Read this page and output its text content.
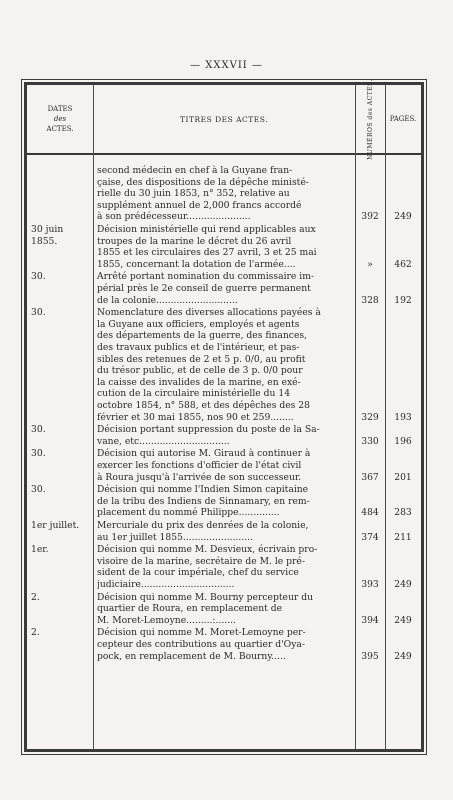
— XXXVII —
DATES
des
ACTES.
TITRES DES ACTES.	NUMÉROS des ACTES.	PAGES.
second médecin en chef à la Guyane fran-
çaise, des dispositions de la dépêche ministé-
rielle du 30 juin 1853, n° 352, relative au
supplément annuel de 2,000 francs accordé
à son prédécesseur......................	392	249
30 juin
1855.
Décision ministérielle qui rend applicables aux
troupes de la marine le décret du 26 avril
1855 et les circulaires des 27 avril, 3 et 25 mai
1855, concernant la dotation de l'armée....	»	462
30.	Arrêté portant nomination du commissaire im-
périal près le 2e conseil de guerre permanent
de la colonie............................	328	192
30.	Nomenclature des diverses allocations payées à
la Guyane aux officiers, employés et agents
des départements de la guerre, des finances,
des travaux publics et de l'intérieur, et pas-
sibles des retenues de 2 et 5 p. 0/0, au profit
du trésor public, et de celle de 3 p. 0/0 pour
la caisse des invalides de la marine, en exé-
cution de la circulaire ministérielle du 14
octobre 1854, n° 588, et des dépêches des 28
février et 30 mai 1855, nos 90 et 259........	329	193
30.	Décision portant suppression du poste de la Sa-
vane, etc...............................	330	196
30.	Décision qui autorise M. Giraud à continuer à
exercer les fonctions d'officier de l'état civil
à Roura jusqu'à l'arrivée de son successeur.	367	201
30.	Décision qui nomme l'Indien Simon capitaine
de la tribu des Indiens de Sinnamary, en rem-
placement du nommé Philippe..............	484	283
1er juillet.	Mercuriale du prix des denrées de la colonie,
au 1er juillet 1855........................	374	211
1er.	Décision qui nomme M. Desvieux, écrivain pro-
visoire de la marine, secrétaire de M. le pré-
sident de la cour impériale, chef du service
judiciaire................................	393	249
2.	Décision qui nomme M. Bourny percepteur du
quartier de Roura, en remplacement de
M. Moret-Lemoyne.........:.......	394	249
2.	Décision qui nomme M. Moret-Lemoyne per-
cepteur des contributions au quartier d'Oya-
pock, en remplacement de M. Bourny.....	395	249
